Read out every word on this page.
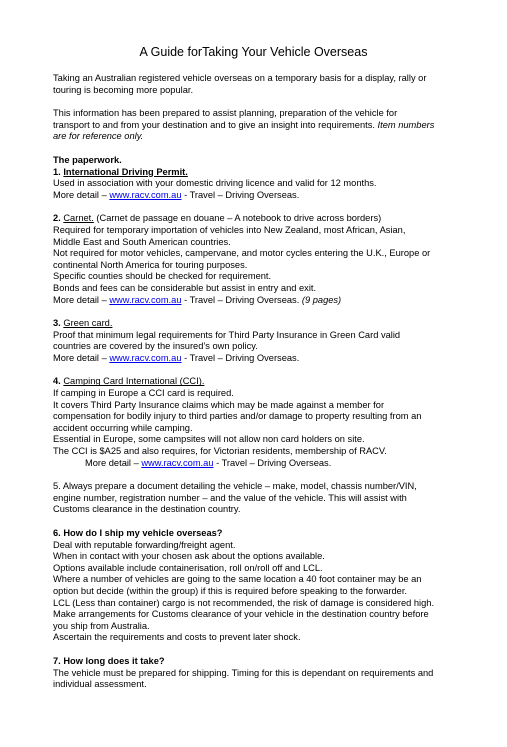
A Guide forTaking Your Vehicle Overseas

Taking an Australian registered vehicle overseas on a temporary basis for a display, rally or
touring is becoming more popular.

This information has been prepared to assist planning, preparation of the vehicle for
transport to and from your destination and to give an insight into requirements. Item numbers
are for reference only.

The paperwork.
1. International Driving Permit.
Used in association with your domestic driving licence and valid for 12 months.
More detail – www.racv.com.au - Travel – Driving Overseas.
2. Carnet. (Carnet de passage en douane – A notebook to drive across borders)
Required for temporary importation of vehicles into New Zealand, most African, Asian,
Middle East and South American countries.
Not required for motor vehicles, campervane, and motor cycles entering the U.K., Europe or
continental North America for touring purposes.
Specific counties should be checked for requirement.
Bonds and fees can be considerable but assist in entry and exit.
More detail – www.racv.com.au - Travel – Driving Overseas. (9 pages)
3. Green card.
Proof that minimum legal requirements for Third Party Insurance in Green Card valid
countries are covered by the insured’s own policy.
More detail – www.racv.com.au - Travel – Driving Overseas.
4. Camping Card International (CCI).
If camping in Europe a CCI card is required.
It covers Third Party Insurance claims which may be made against a member for
compensation for bodily injury to third parties and/or damage to property resulting from an
accident occurring while camping.
Essential in Europe, some campsites will not allow non card holders on site.
The CCI is $A25 and also requires, for Victorian residents, membership of RACV.
More detail – www.racv.com.au - Travel – Driving Overseas.
5. Always prepare a document detailing the vehicle – make, model, chassis number/VIN,
engine number, registration number – and the value of the vehicle. This will assist with
Customs clearance in the destination country.
6. How do I ship my vehicle overseas?
Deal with reputable forwarding/freight agent.
When in contact with your chosen ask about the options available.
Options available include containerisation, roll on/roll off and LCL.
Where a number of vehicles are going to the same location a 40 foot container may be an
option but decide (within the group) if this is required before speaking to the forwarder.
LCL (Less than container) cargo is not recommended, the risk of damage is considered high.
Make arrangements for Customs clearance of your vehicle in the destination country before
you ship from Australia.
Ascertain the requirements and costs to prevent later shock.
7. How long does it take?
The vehicle must be prepared for shipping. Timing for this is dependant on requirements and
individual assessment.
